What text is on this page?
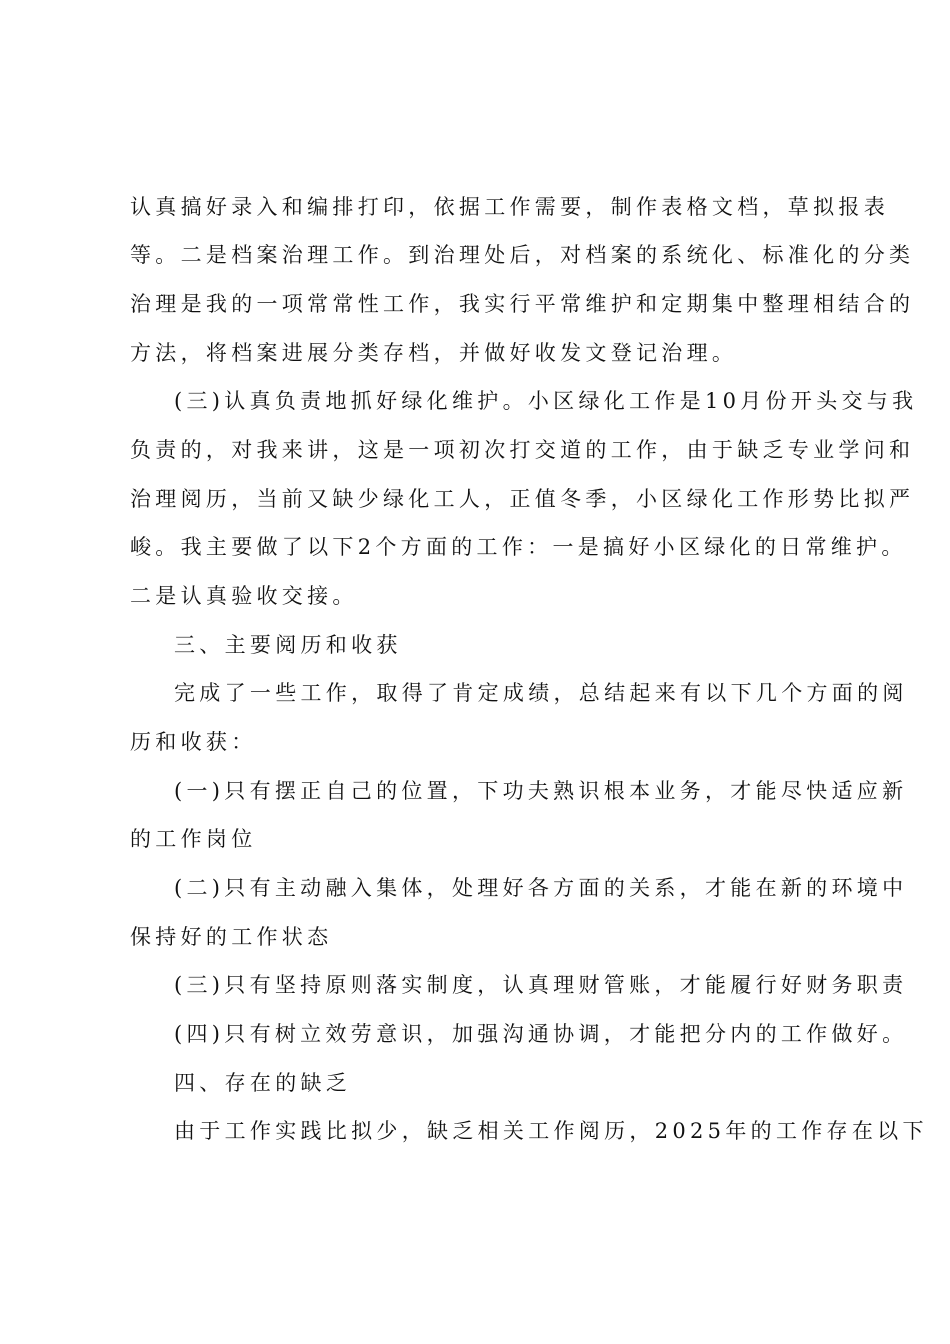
认真搞好录入和编排打印，依据工作需要，制作表格文档，草拟报表
等。二是档案治理工作。到治理处后，对档案的系统化、标准化的分类
治理是我的一项常常性工作，我实行平常维护和定期集中整理相结合的
方法，将档案进展分类存档，并做好收发文登记治理。
(三)认真负责地抓好绿化维护。小区绿化工作是10月份开头交与我
负责的，对我来讲，这是一项初次打交道的工作，由于缺乏专业学问和
治理阅历，当前又缺少绿化工人，正值冬季，小区绿化工作形势比拟严
峻。我主要做了以下2个方面的工作：一是搞好小区绿化的日常维护。
二是认真验收交接。
三、主要阅历和收获
完成了一些工作，取得了肯定成绩，总结起来有以下几个方面的阅
历和收获：
(一)只有摆正自己的位置，下功夫熟识根本业务，才能尽快适应新
的工作岗位
(二)只有主动融入集体，处理好各方面的关系，才能在新的环境中
保持好的工作状态
(三)只有坚持原则落实制度，认真理财管账，才能履行好财务职责
(四)只有树立效劳意识，加强沟通协调，才能把分内的工作做好。
四、存在的缺乏
由于工作实践比拟少，缺乏相关工作阅历，2025年的工作存在以下
